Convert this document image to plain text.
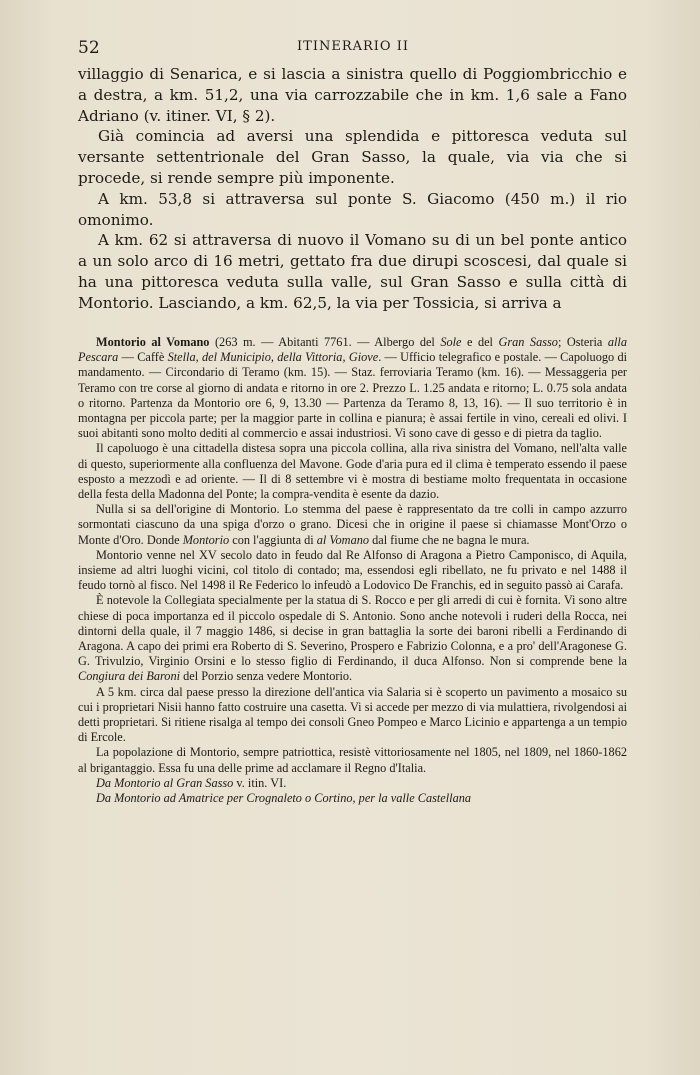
52	ITINERARIO II

villaggio di Senarica, e si lascia a sinistra quello di Poggiombricchio e a destra, a km. 51,2, una via carrozzabile che in km. 1,6 sale a Fano Adriano (v. itiner. VI, § 2).

Già comincia ad aversi una splendida e pittoresca veduta sul versante settentrionale del Gran Sasso, la quale, via via che si procede, si rende sempre più imponente.

A km. 53,8 si attraversa sul ponte S. Giacomo (450 m.) il rio omonimo.

A km. 62 si attraversa di nuovo il Vomano su di un bel ponte antico a un solo arco di 16 metri, gettato fra due dirupi scoscesi, dal quale si ha una pittoresca veduta sulla valle, sul Gran Sasso e sulla città di Montorio. Lasciando, a km. 62,5, la via per Tossicia, si arriva a

Montorio al Vomano (263 m. — Abitanti 7761. — Albergo del Sole e del Gran Sasso; Osteria alla Pescara — Caffè Stella, del Municipio, della Vittoria, Giove. — Ufficio telegrafico e postale. — Capoluogo di mandamento. — Circondario di Teramo (km. 15). — Staz. ferroviaria Teramo (km. 16). — Messaggeria per Teramo con tre corse al giorno di andata e ritorno in ore 2. Prezzo L. 1.25 andata e ritorno; L. 0.75 sola andata o ritorno. Partenza da Montorio ore 6, 9, 13.30 — Partenza da Teramo 8, 13, 16). — Il suo territorio è in montagna per piccola parte; per la maggior parte in collina e pianura; è assai fertile in vino, cereali ed olivi. I suoi abitanti sono molto dediti al commercio e assai industriosi. Vi sono cave di gesso e di pietra da taglio.

Il capoluogo è una cittadella distesa sopra una piccola collina, alla riva sinistra del Vomano, nell'alta valle di questo, superiormente alla confluenza del Mavone. Gode d'aria pura ed il clima è temperato essendo il paese esposto a mezzodì e ad oriente. — Il di 8 settembre vi è mostra di bestiame molto frequentata in occasione della festa della Madonna del Ponte; la compra-vendita è esente da dazio.

Nulla si sa dell'origine di Montorio. Lo stemma del paese è rappresentato da tre colli in campo azzurro sormontati ciascuno da una spiga d'orzo o grano. Dicesi che in origine il paese si chiamasse Mont'Orzo o Monte d'Oro. Donde Montorio con l'aggiunta di al Vomano dal fiume che ne bagna le mura.

Montorio venne nel XV secolo dato in feudo dal Re Alfonso di Aragona a Pietro Camponisco, di Aquila, insieme ad altri luoghi vicini, col titolo di contado; ma, essendosi egli ribellato, ne fu privato e nel 1488 il feudo tornò al fisco. Nel 1498 il Re Federico lo infeudò a Lodovico De Franchis, ed in seguito passò ai Carafa.

È notevole la Collegiata specialmente per la statua di S. Rocco e per gli arredi di cui è fornita. Vi sono altre chiese di poca importanza ed il piccolo ospedale di S. Antonio. Sono anche notevoli i ruderi della Rocca, nei dintorni della quale, il 7 maggio 1486, si decise in gran battaglia la sorte dei baroni ribelli a Ferdinando di Aragona. A capo dei primi era Roberto di S. Severino, Prospero e Fabrizio Colonna, e a pro' dell'Aragonese G. G. Trivulzio, Virginio Orsini e lo stesso figlio di Ferdinando, il duca Alfonso. Non si comprende bene la Congiura dei Baroni del Porzio senza vedere Montorio.

A 5 km. circa dal paese presso la direzione dell'antica via Salaria si è scoperto un pavimento a mosaico su cui i proprietari Nisii hanno fatto costruire una casetta. Vi si accede per mezzo di via mulattiera, rivolgendosi ai detti proprietari. Si ritiene risalga al tempo dei consoli Gneo Pompeo e Marco Licinio e appartenga a un tempio di Ercole.

La popolazione di Montorio, sempre patriottica, resistè vittoriosamente nel 1805, nel 1809, nel 1860-1862 al brigantaggio. Essa fu una delle prime ad acclamare il Regno d'Italia.

Da Montorio al Gran Sasso v. itin. VI.

Da Montorio ad Amatrice per Crognaleto o Cortino, per la valle Castellana
